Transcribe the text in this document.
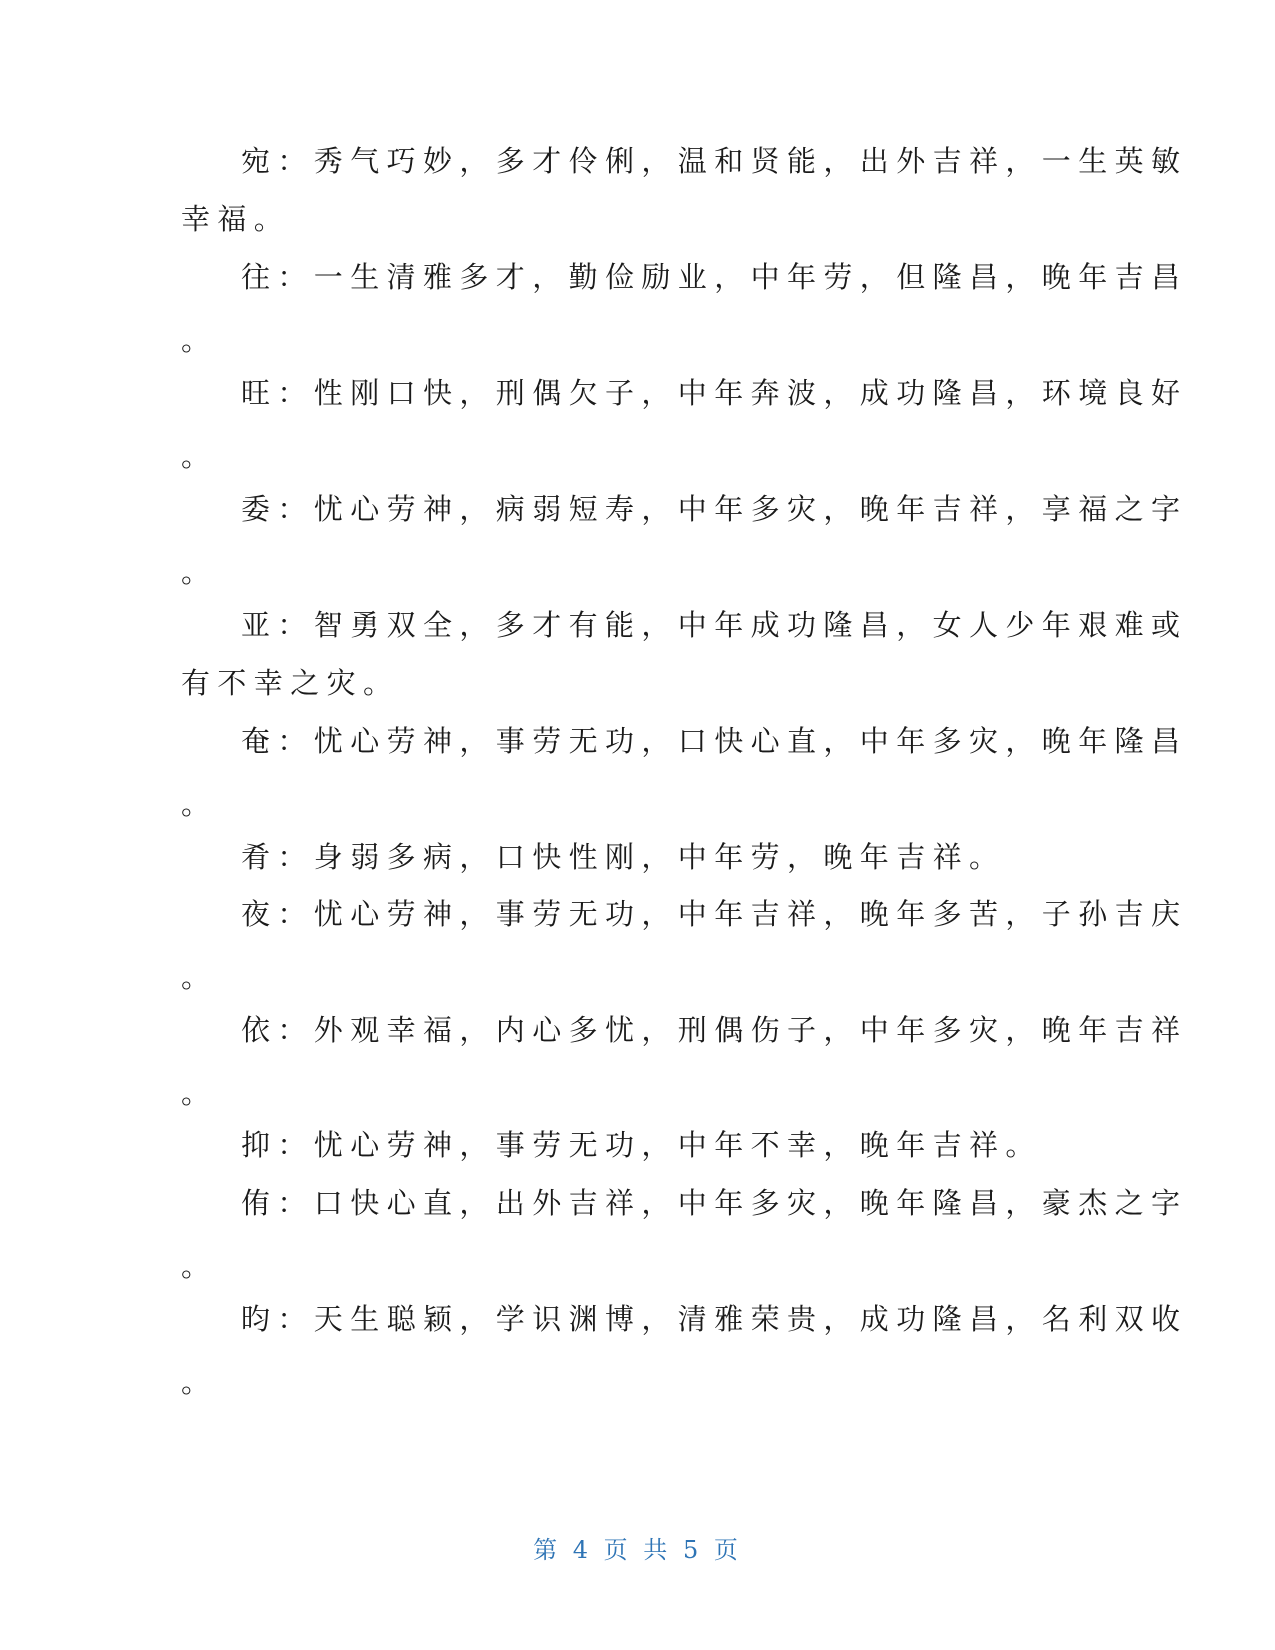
宛：秀气巧妙，多才伶俐，温和贤能，出外吉祥，一生英敏
幸福。
往：一生清雅多才，勤俭励业，中年劳，但隆昌，晚年吉昌
。
旺：性刚口快，刑偶欠子，中年奔波，成功隆昌，环境良好
。
委：忧心劳神，病弱短寿，中年多灾，晚年吉祥，享福之字
。
亚：智勇双全，多才有能，中年成功隆昌，女人少年艰难或
有不幸之灾。
奄：忧心劳神，事劳无功，口快心直，中年多灾，晚年隆昌
。
肴：身弱多病，口快性刚，中年劳，晚年吉祥。
夜：忧心劳神，事劳无功，中年吉祥，晚年多苦，子孙吉庆
。
依：外观幸福，内心多忧，刑偶伤子，中年多灾，晚年吉祥
。
抑：忧心劳神，事劳无功，中年不幸，晚年吉祥。
侑：口快心直，出外吉祥，中年多灾，晚年隆昌，豪杰之字
。
昀：天生聪颖，学识渊博，清雅荣贵，成功隆昌，名利双收
。
第 4 页 共 5 页
